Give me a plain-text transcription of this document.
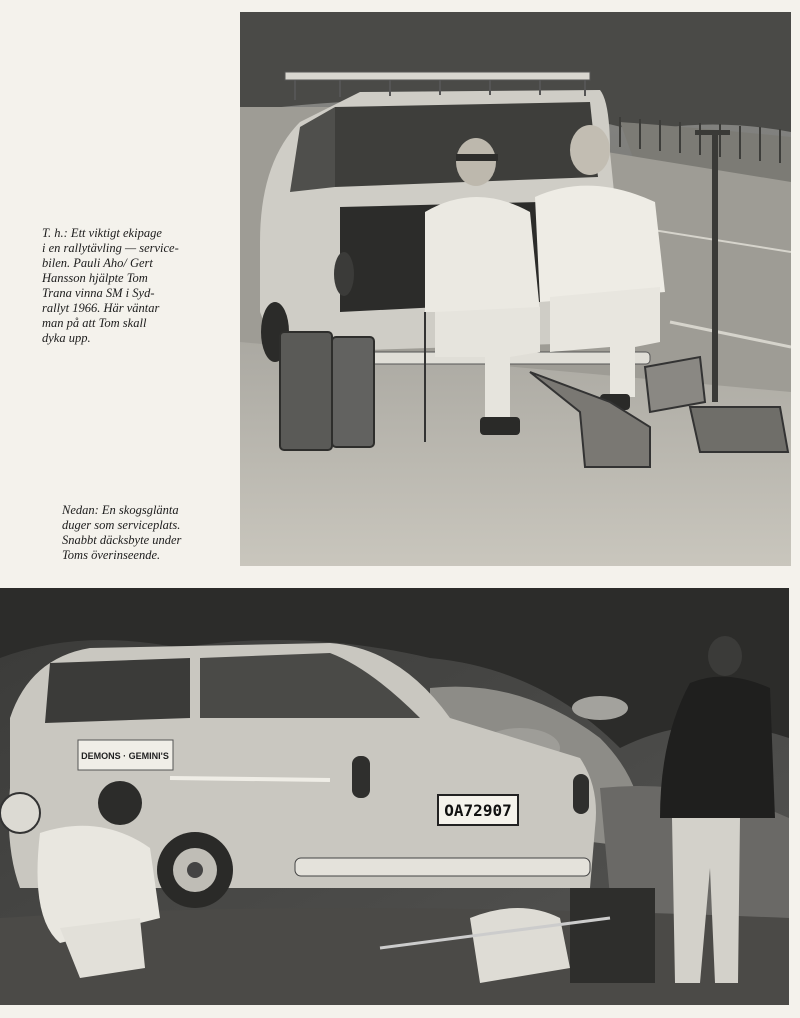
T. h.: Ett viktigt ekipage
i en rallytävling — service-
bilen. Pauli Aho/ Gert
Hansson hjälpte Tom
Trana vinna SM i Syd-
rallyt 1966. Här väntar
man på att Tom skall
dyka upp.

Nedan: En skogsglänta
duger som serviceplats.
Snabbt däcksbyte under
Toms överinseende.

DEMONS · GEMINI'S
OA72907
